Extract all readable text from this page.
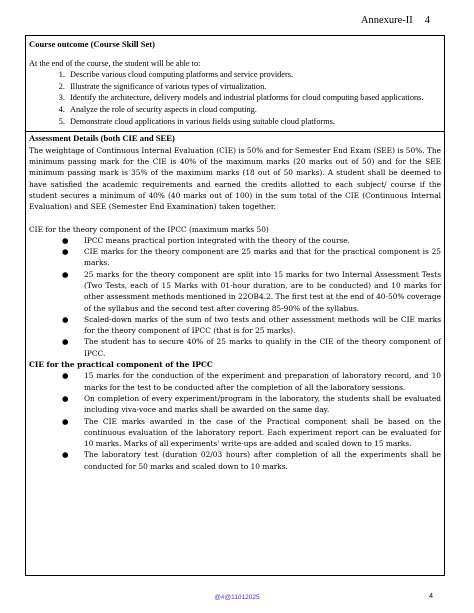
Annexure-II 4
Course outcome (Course Skill Set)
At the end of the course, the student will be able to:
1. Describe various cloud computing platforms and service providers.
2. Illustrate the significance of various types of virtualization.
3. Identify the architecture, delivery models and industrial platforms for cloud computing based applications.
4. Analyze the role of security aspects in cloud computing.
5. Demonstrate cloud applications in various fields using suitable cloud platforms.
Assessment Details (both CIE and SEE)

The weightage of Continuous Internal Evaluation (CIE) is 50% and for Semester End Exam (SEE) is 50%. The minimum passing mark for the CIE is 40% of the maximum marks (20 marks out of 50) and for the SEE minimum passing mark is 35% of the maximum marks (18 out of 50 marks). A student shall be deemed to have satisfied the academic requirements and earned the credits allotted to each subject/ course if the student secures a minimum of 40% (40 marks out of 100) in the sum total of the CIE (Continuous Internal Evaluation) and SEE (Semester End Examination) taken together.

CIE for the theory component of the IPCC (maximum marks 50)
● IPCC means practical portion integrated with the theory of the course.
● CIE marks for the theory component are 25 marks and that for the practical component is 25 marks.
● 25 marks for the theory component are split into 15 marks for two Internal Assessment Tests (Two Tests, each of 15 Marks with 01-hour duration, are to be conducted) and 10 marks for other assessment methods mentioned in 22OB4.2. The first test at the end of 40-50% coverage of the syllabus and the second test after covering 85-90% of the syllabus.
● Scaled-down marks of the sum of two tests and other assessment methods will be CIE marks for the theory component of IPCC (that is for 25 marks).
● The student has to secure 40% of 25 marks to qualify in the CIE of the theory component of IPCC.
CIE for the practical component of the IPCC
● 15 marks for the conduction of the experiment and preparation of laboratory record, and 10 marks for the test to be conducted after the completion of all the laboratory sessions.
● On completion of every experiment/program in the laboratory, the students shall be evaluated including viva-voce and marks shall be awarded on the same day.
● The CIE marks awarded in the case of the Practical component shall be based on the continuous evaluation of the laboratory report. Each experiment report can be evaluated for 10 marks. Marks of all experiments' write-ups are added and scaled down to 15 marks.
● The laboratory test (duration 02/03 hours) after completion of all the experiments shall be conducted for 50 marks and scaled down to 10 marks.
@#@11012025	4
